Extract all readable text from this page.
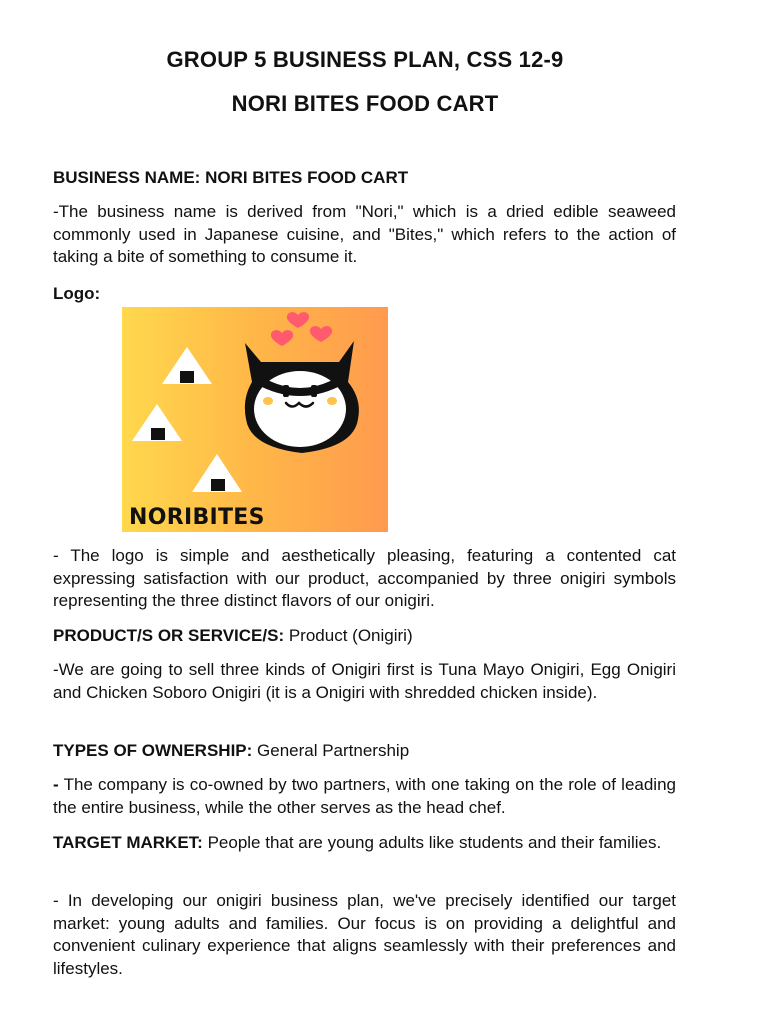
GROUP 5 BUSINESS PLAN, CSS 12-9
NORI BITES FOOD CART
BUSINESS NAME: NORI BITES FOOD CART
-The business name is derived from "Nori," which is a dried edible seaweed commonly used in Japanese cuisine, and "Bites," which refers to the action of taking a bite of something to consume it.
Logo:
NORIBITES
- The logo is simple and aesthetically pleasing, featuring a contented cat expressing satisfaction with our product, accompanied by three onigiri symbols representing the three distinct flavors of our onigiri.
PRODUCT/S OR SERVICE/S: Product (Onigiri)
-We are going to sell three kinds of Onigiri first is Tuna Mayo Onigiri, Egg Onigiri and Chicken Soboro Onigiri (it is a Onigiri with shredded chicken inside).
TYPES OF OWNERSHIP: General Partnership
- The company is co-owned by two partners, with one taking on the role of leading the entire business, while the other serves as the head chef.
TARGET MARKET: People that are young adults like students and their families.
- In developing our onigiri business plan, we've precisely identified our target market: young adults and families. Our focus is on providing a delightful and convenient culinary experience that aligns seamlessly with their preferences and lifestyles.
